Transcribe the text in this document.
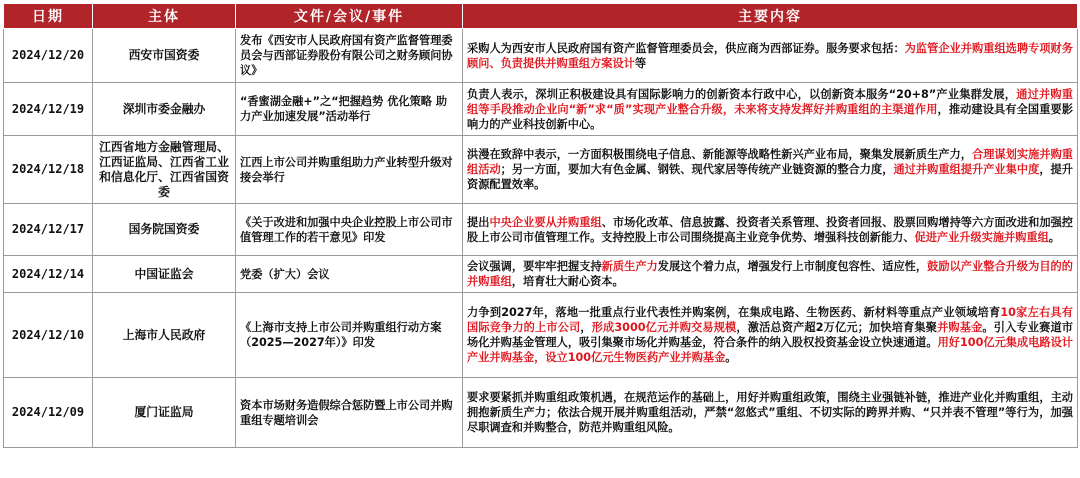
日期	主体	文件/会议/事件	主要内容
2024/12/20	西安市国资委	发布《西安市人民政府国有资产监督管理委员会与西部证券股份有限公司之财务顾问协议》	采购人为西安市人民政府国有资产监督管理委员会，供应商为西部证券。服务要求包括：为监管企业并购重组选聘专项财务顾问、负责提供并购重组方案设计等
2024/12/19	深圳市委金融办	“香蜜湖金融+”之“把握趋势 优化策略 助力产业加速发展”活动举行	负责人表示，深圳正积极建设具有国际影响力的创新资本行政中心，以创新资本服务“20+8”产业集群发展，通过并购重组等手段推动企业向“新”求“质”实现产业整合升级，未来将支持发挥好并购重组的主渠道作用，推动建设具有全国重要影响力的产业科技创新中心。
2024/12/18	江西省地方金融管理局、江西证监局、江西省工业和信息化厅、江西省国资委	江西上市公司并购重组助力产业转型升级对接会举行	洪漫在致辞中表示，一方面积极围绕电子信息、新能源等战略性新兴产业布局，聚集发展新质生产力，合理谋划实施并购重组活动；另一方面，要加大有色金属、钢铁、现代家居等传统产业链资源的整合力度，通过并购重组提升产业集中度，提升资源配置效率。
2024/12/17	国务院国资委	《关于改进和加强中央企业控股上市公司市值管理工作的若干意见》印发	提出中央企业要从并购重组、市场化改革、信息披露、投资者关系管理、投资者回报、股票回购增持等六方面改进和加强控股上市公司市值管理工作。支持控股上市公司围绕提高主业竞争优势、增强科技创新能力、促进产业升级实施并购重组。
2024/12/14	中国证监会	党委（扩大）会议	会议强调，要牢牢把握支持新质生产力发展这个着力点，增强发行上市制度包容性、适应性，鼓励以产业整合升级为目的的并购重组，培育壮大耐心资本。
2024/12/10	上海市人民政府	《上海市支持上市公司并购重组行动方案（2025—2027年）》印发	力争到2027年，落地一批重点行业代表性并购案例，在集成电路、生物医药、新材料等重点产业领域培育10家左右具有国际竞争力的上市公司，形成3000亿元并购交易规模，激活总资产超2万亿元；加快培育集聚并购基金。引入专业赛道市场化并购基金管理人，吸引集聚市场化并购基金，符合条件的纳入股权投资基金设立快速通道。用好100亿元集成电路设计产业并购基金，设立100亿元生物医药产业并购基金。
2024/12/09	厦门证监局	资本市场财务造假综合惩防暨上市公司并购重组专题培训会	要求要紧抓并购重组政策机遇，在规范运作的基础上，用好并购重组政策，围绕主业强链补链，推进产业化并购重组，主动拥抱新质生产力；依法合规开展并购重组活动，严禁“忽悠式”重组、不切实际的跨界并购、“只并表不管理”等行为，加强尽职调查和并购整合，防范并购重组风险。
